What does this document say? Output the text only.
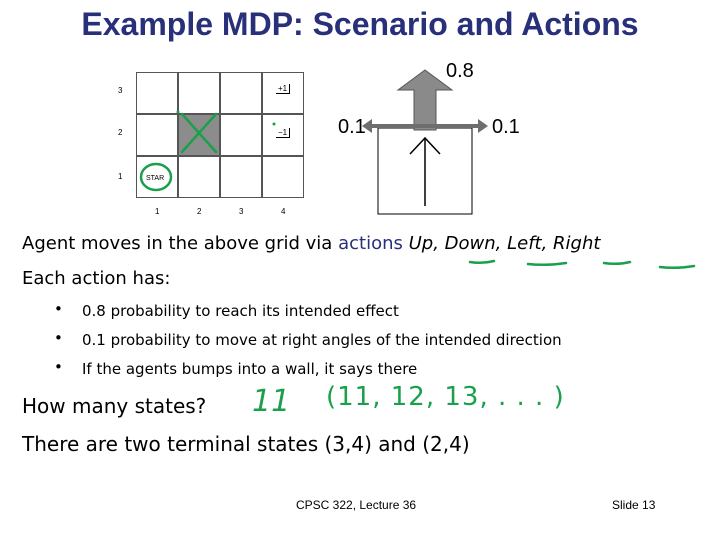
Example MDP: Scenario and Actions
3
2
1
+1
−1
STAR
1	2	3	4
0.8
0.1	0.1
Agent moves in the above grid via actions Up, Down, Left, Right
Each action has:
• 0.8 probability to reach its intended effect
• 0.1 probability to move at right angles of the intended direction
• If the agents bumps into a wall, it says there
How many states? 11 (11, 12, 13, . . . )
There are two terminal states (3,4) and (2,4)
CPSC 322, Lecture 36	Slide 13
